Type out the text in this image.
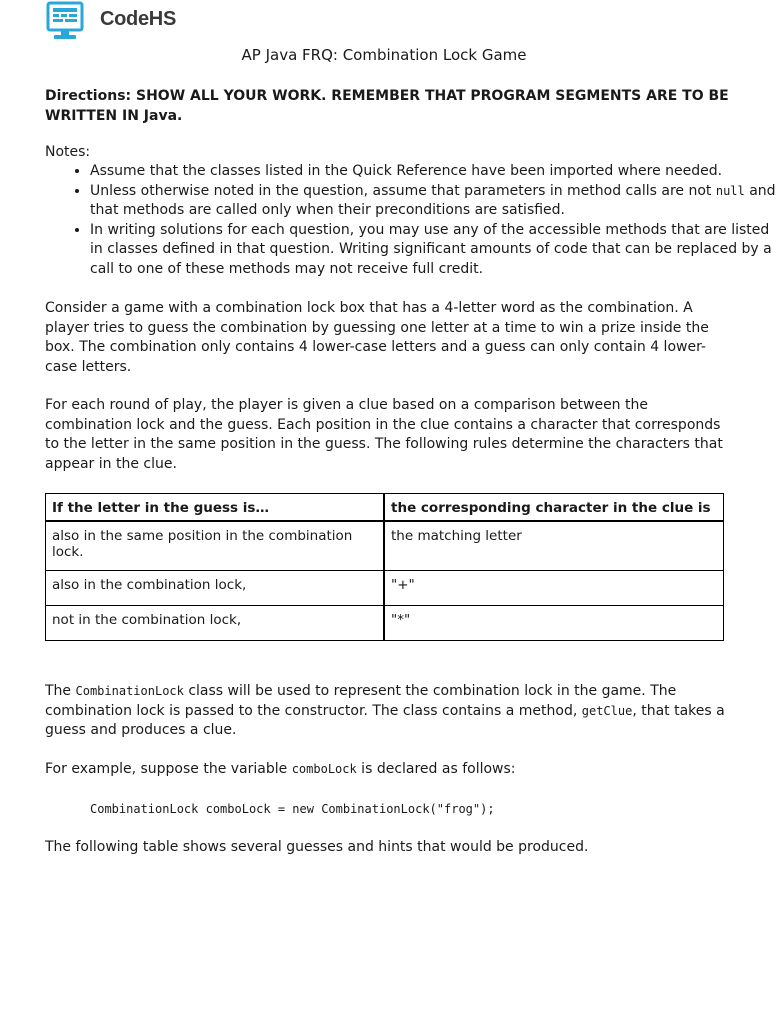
CodeHS
AP Java FRQ: Combination Lock Game
Directions: SHOW ALL YOUR WORK. REMEMBER THAT PROGRAM SEGMENTS ARE TO BE WRITTEN IN Java.
Notes:
• Assume that the classes listed in the Quick Reference have been imported where needed.
• Unless otherwise noted in the question, assume that parameters in method calls are not null and that methods are called only when their preconditions are satisfied.
• In writing solutions for each question, you may use any of the accessible methods that are listed in classes defined in that question. Writing significant amounts of code that can be replaced by a call to one of these methods may not receive full credit.
Consider a game with a combination lock box that has a 4-letter word as the combination. A player tries to guess the combination by guessing one letter at a time to win a prize inside the box. The combination only contains 4 lower-case letters and a guess can only contain 4 lower-case letters.
For each round of play, the player is given a clue based on a comparison between the combination lock and the guess. Each position in the clue contains a character that corresponds to the letter in the same position in the guess. The following rules determine the characters that appear in the clue.
If the letter in the guess is…	the corresponding character in the clue is
also in the same position in the combination lock.	the matching letter
also in the combination lock,	"+"
not in the combination lock,	"*"
The CombinationLock class will be used to represent the combination lock in the game. The combination lock is passed to the constructor. The class contains a method, getClue, that takes a guess and produces a clue.
For example, suppose the variable comboLock is declared as follows:
CombinationLock comboLock = new CombinationLock("frog");
The following table shows several guesses and hints that would be produced.
